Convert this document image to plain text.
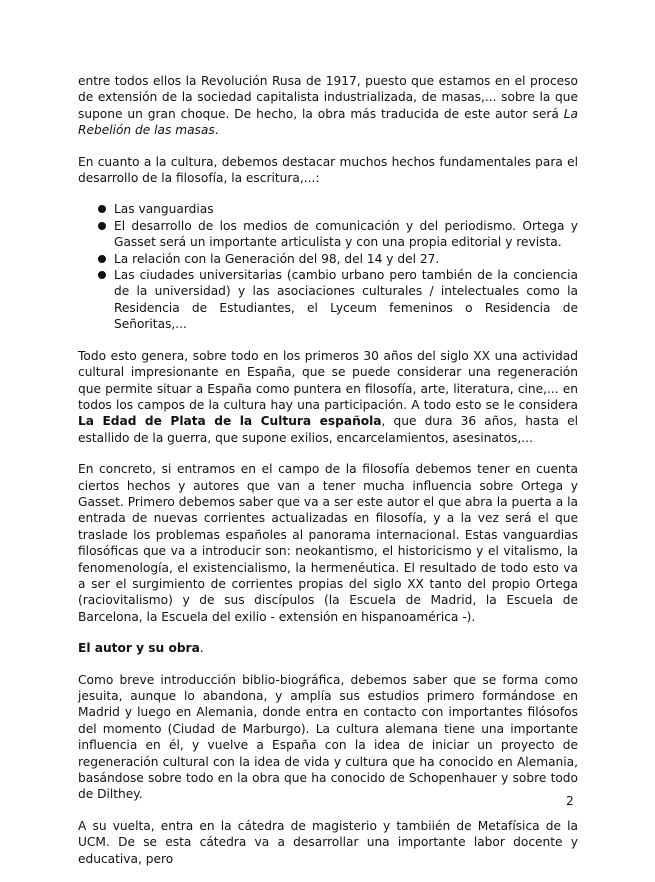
entre todos ellos la Revolución Rusa de 1917, puesto que estamos en el proceso de extensión de la sociedad capitalista industrializada, de masas,... sobre la que supone un gran choque. De hecho, la obra más traducida de este autor será La Rebelión de las masas.

En cuanto a la cultura, debemos destacar muchos hechos fundamentales para el desarrollo de la filosofía, la escritura,...:

Las vanguardias
El desarrollo de los medios de comunicación y del periodismo. Ortega y Gasset será un importante articulista y con una propia editorial y revista.
La relación con la Generación del 98, del 14 y del 27.
Las ciudades universitarias (cambio urbano pero también de la conciencia de la universidad) y las asociaciones culturales / intelectuales como la Residencia de Estudiantes, el Lyceum femeninos o Residencia de Señoritas,...

Todo esto genera, sobre todo en los primeros 30 años del siglo XX una actividad cultural impresionante en España, que se puede considerar una regeneración que permite situar a España como puntera en filosofía, arte, literatura, cine,... en todos los campos de la cultura hay una participación. A todo esto se le considera La Edad de Plata de la Cultura española, que dura 36 años, hasta el estallido de la guerra, que supone exilios, encarcelamientos, asesinatos,...

En concreto, si entramos en el campo de la filosofía debemos tener en cuenta ciertos hechos y autores que van a tener mucha influencia sobre Ortega y Gasset. Primero debemos saber que va a ser este autor el que abra la puerta a la entrada de nuevas corrientes actualizadas en filosofía, y a la vez será el que traslade los problemas españoles al panorama internacional. Estas vanguardias filosóficas que va a introducir son: neokantismo, el historicismo y el vitalismo, la fenomenología, el existencialismo, la hermenéutica. El resultado de todo esto va a ser el surgimiento de corrientes propias del siglo XX tanto del propio Ortega (raciovitalismo) y de sus discípulos (la Escuela de Madrid, la Escuela de Barcelona, la Escuela del exilio - extensión en hispanoamérica -).

El autor y su obra.

Como breve introducción biblio-biográfica, debemos saber que se forma como jesuita, aunque lo abandona, y amplía sus estudios primero formándose en Madrid y luego en Alemania, donde entra en contacto con importantes filósofos del momento (Ciudad de Marburgo). La cultura alemana tiene una importante influencia en él, y vuelve a España con la idea de iniciar un proyecto de regeneración cultural con la idea de vida y cultura que ha conocido en Alemania, basándose sobre todo en la obra que ha conocido de Schopenhauer y sobre todo de Dilthey.

A su vuelta, entra en la cátedra de magisterio y tambiién de Metafísica de la UCM. De se esta cátedra va a desarrollar una importante labor docente y educativa, pero

2
